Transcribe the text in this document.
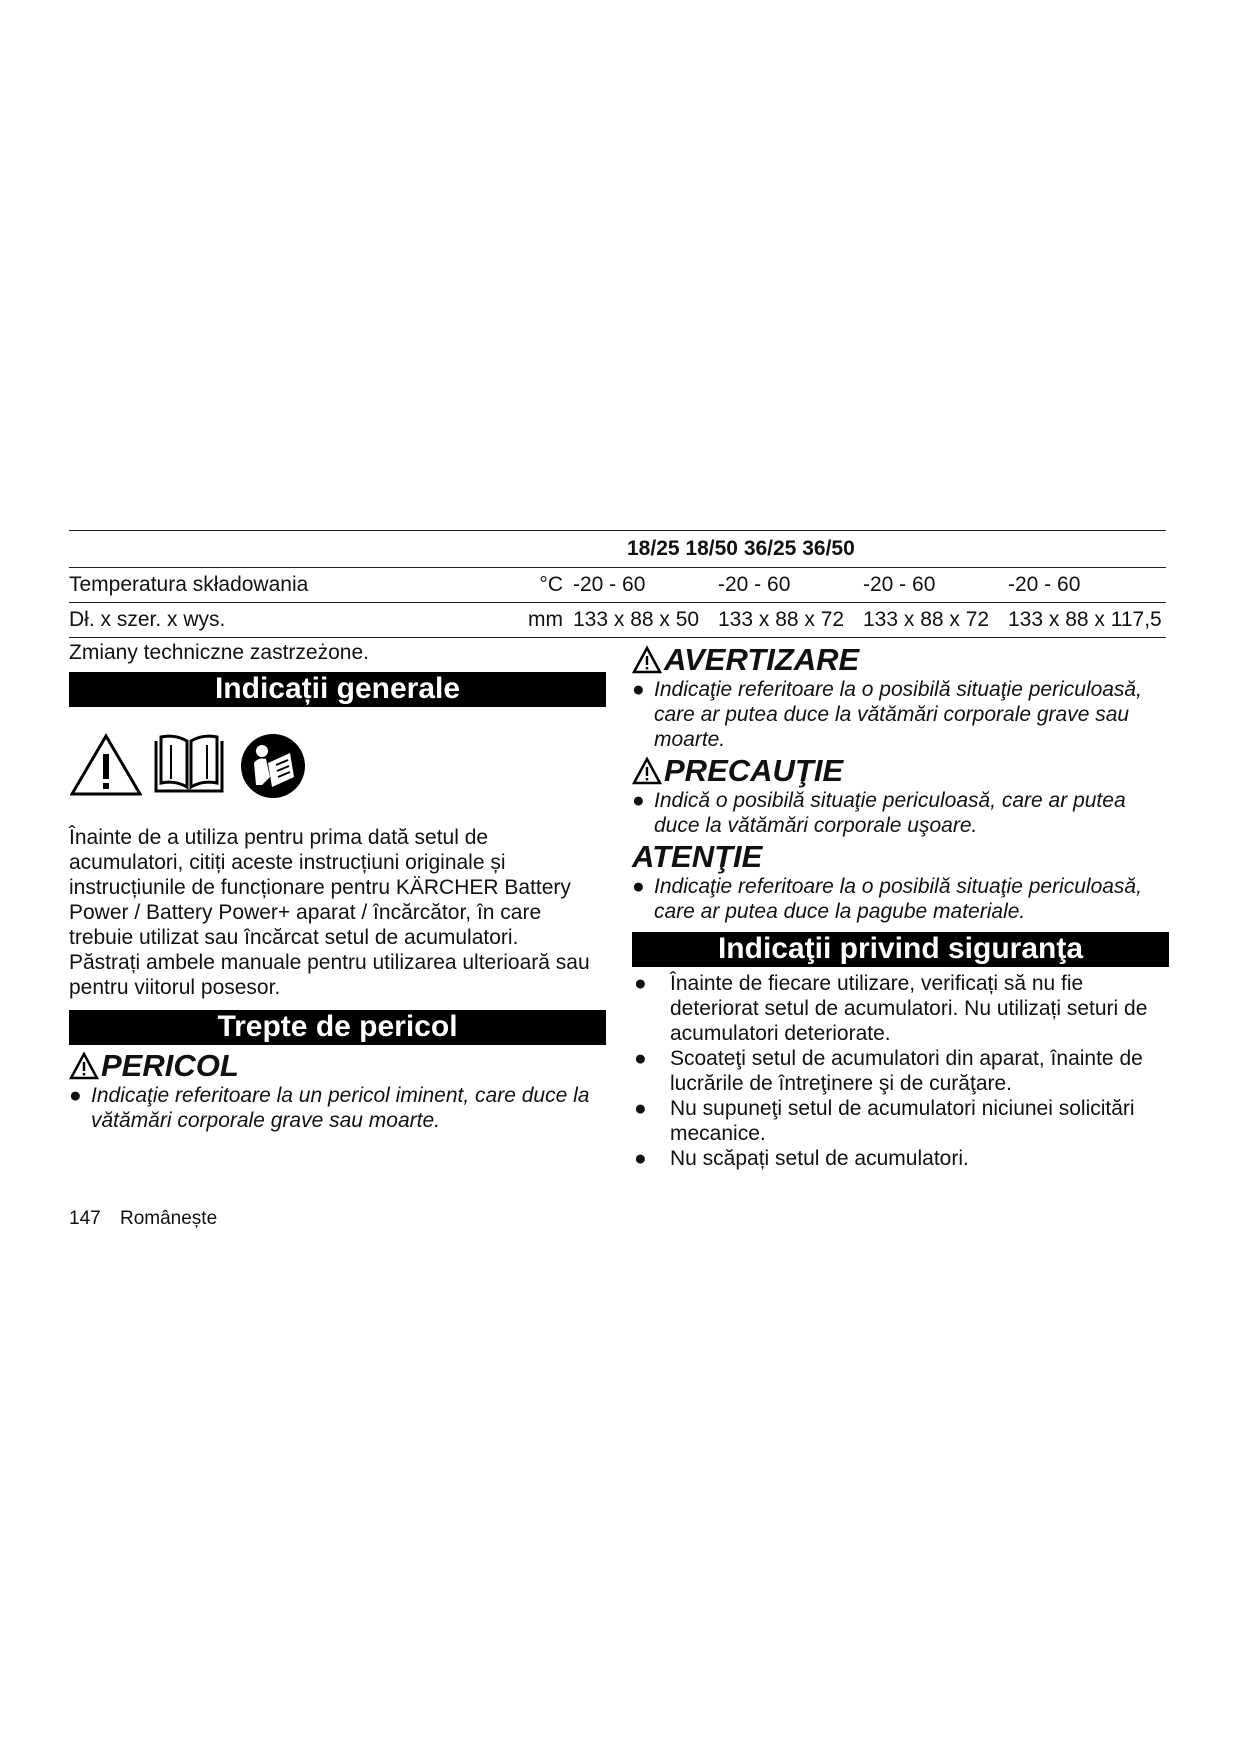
		18/25 18/50 36/25 36/50			
Temperatura składowania	°C	-20 - 60	-20 - 60	-20 - 60	-20 - 60
Dł. x szer. x wys.	mm	133 x 88 x 50	133 x 88 x 72	133 x 88 x 72	133 x 88 x 117,5

Zmiany techniczne zastrzeżone.

Indicații generale

Înainte de a utiliza pentru prima dată setul de acumulatori, citiți aceste instrucțiuni originale și instrucțiunile de funcționare pentru KÄRCHER Battery Power / Battery Power+ aparat / încărcător, în care trebuie utilizat sau încărcat setul de acumulatori.

Păstrați ambele manuale pentru utilizarea ulterioară sau pentru viitorul posesor.

Trepte de pericol

PERICOL

● Indicaţie referitoare la un pericol iminent, care duce la vătămări corporale grave sau moarte.

AVERTIZARE

● Indicaţie referitoare la o posibilă situaţie periculoasă, care ar putea duce la vătămări corporale grave sau moarte.

PRECAUŢIE

● Indică o posibilă situaţie periculoasă, care ar putea duce la vătămări corporale uşoare.

ATENŢIE

● Indicaţie referitoare la o posibilă situaţie periculoasă, care ar putea duce la pagube materiale.

Indicaţii privind siguranţa
● Înainte de fiecare utilizare, verificați să nu fie deteriorat setul de acumulatori. Nu utilizați seturi de acumulatori deteriorate.
● Scoateţi setul de acumulatori din aparat, înainte de lucrările de întreţinere şi de curăţare.
● Nu supuneţi setul de acumulatori niciunei solicitări mecanice.
● Nu scăpați setul de acumulatori.
147 Românește
